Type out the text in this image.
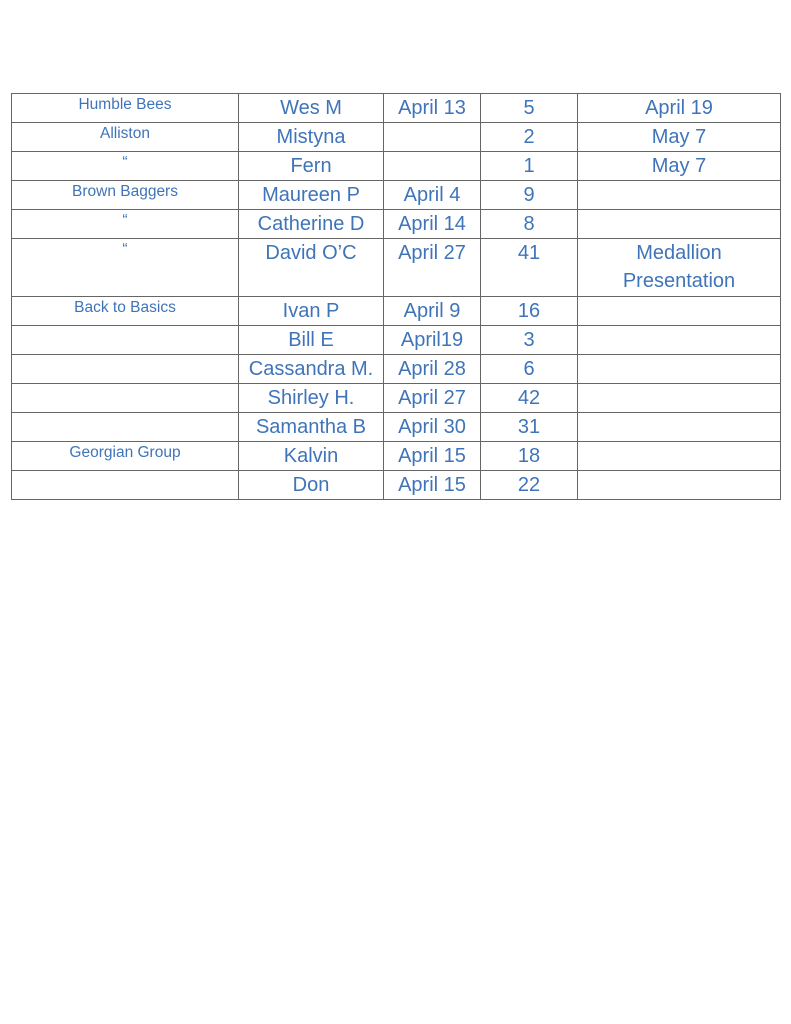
Humble Bees	Wes M	April 13	5	April 19
Alliston	Mistyna		2	May 7
“	Fern		1	May 7
Brown Baggers	Maureen P	April 4	9	
“	Catherine D	April 14	8	
“	David O’C	April 27	41	Medallion
Presentation

Back to Basics	Ivan P	April 9	16	
	Bill E	April19	3	
	Cassandra M.	April 28	6	
	Shirley H.	April 27	42	
	Samantha B	April 30	31	
Georgian Group	Kalvin	April 15	18	
	Don	April 15	22	
